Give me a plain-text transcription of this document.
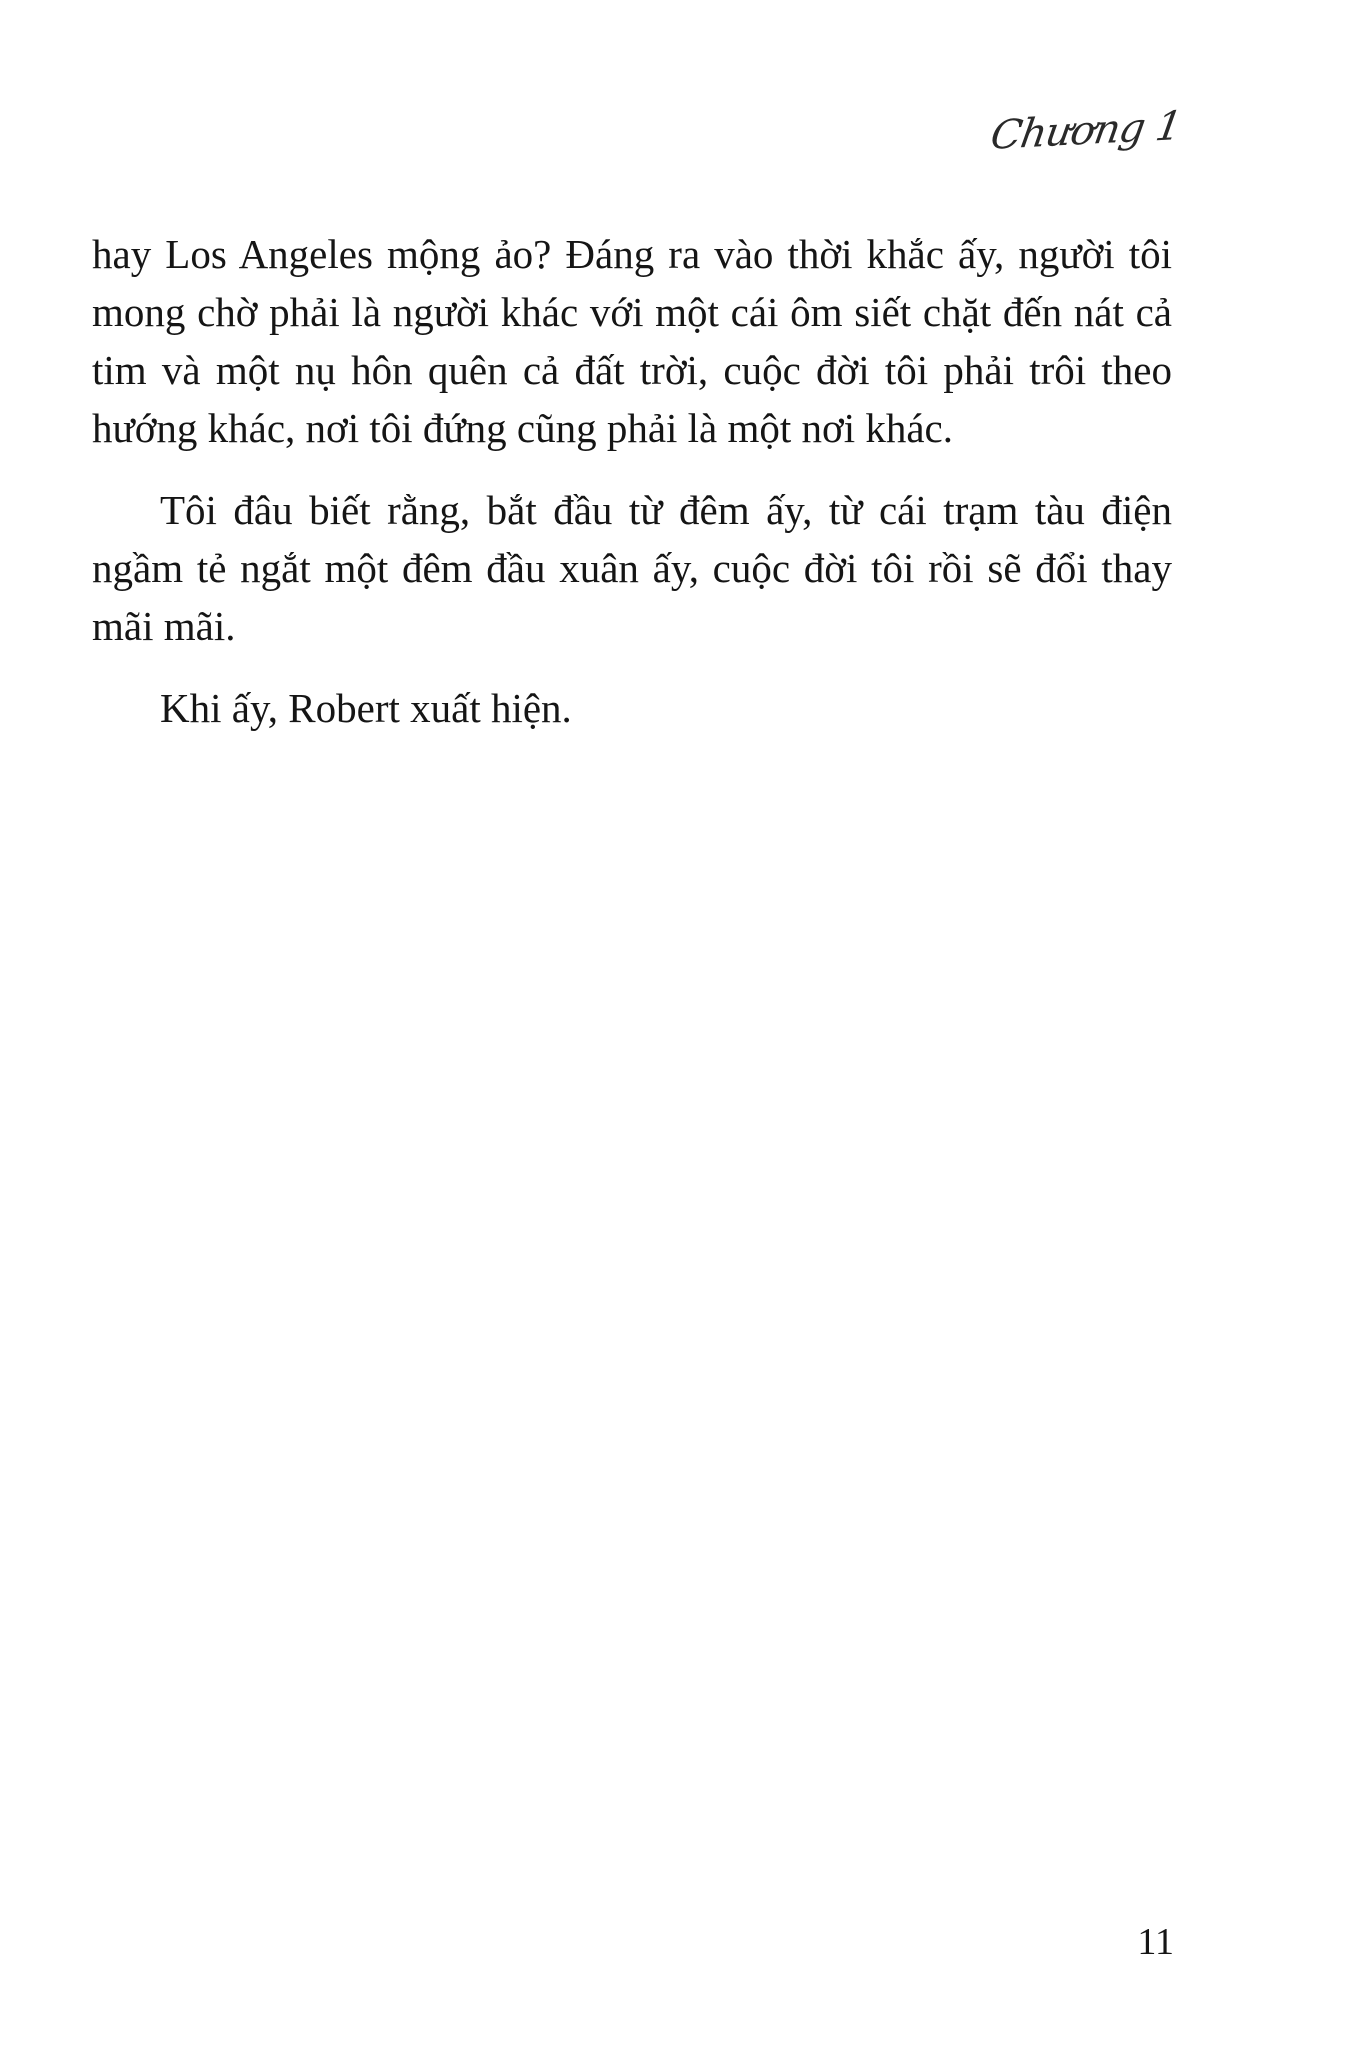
Chương 1

hay Los Angeles mộng ảo? Đáng ra vào thời khắc ấy, người tôi mong chờ phải là người khác với một cái ôm siết chặt đến nát cả tim và một nụ hôn quên cả đất trời, cuộc đời tôi phải trôi theo hướng khác, nơi tôi đứng cũng phải là một nơi khác.

Tôi đâu biết rằng, bắt đầu từ đêm ấy, từ cái trạm tàu điện ngầm tẻ ngắt một đêm đầu xuân ấy, cuộc đời tôi rồi sẽ đổi thay mãi mãi.

Khi ấy, Robert xuất hiện.

11
